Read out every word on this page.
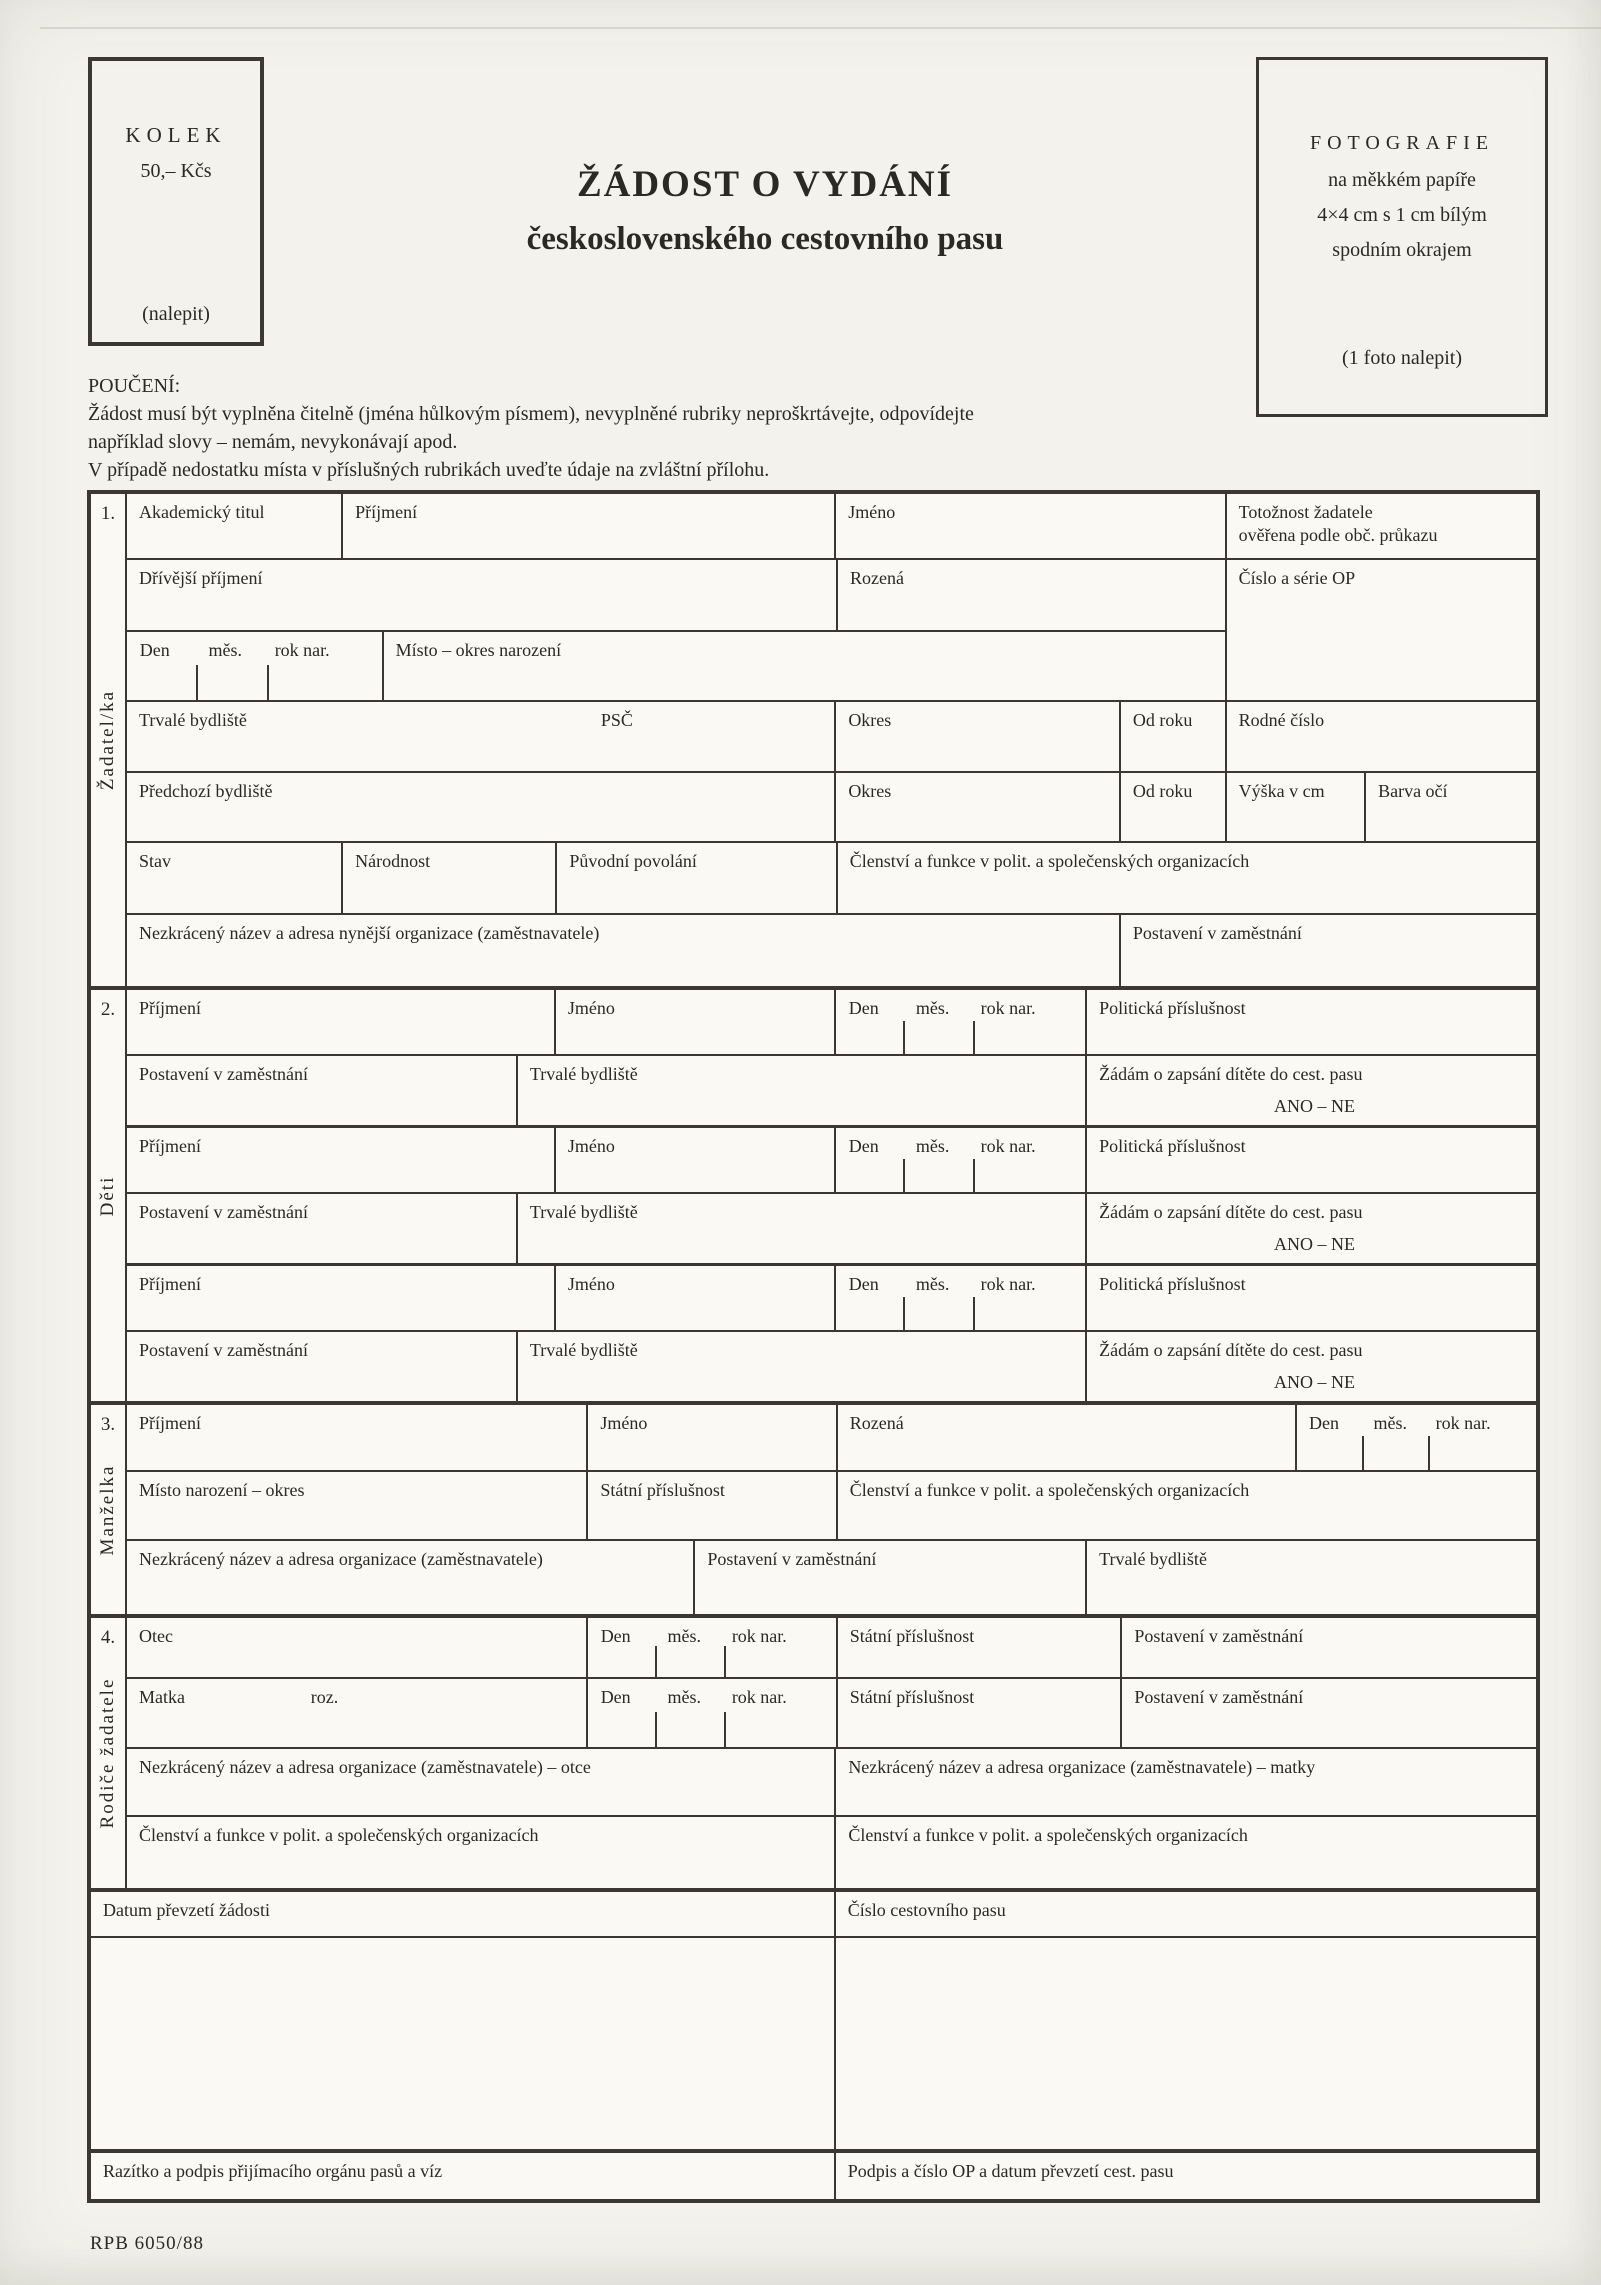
KOLEK
50,– Kčs
(nalepit)
ŽÁDOST O VYDÁNÍ
československého cestovního pasu
FOTOGRAFIE
na měkkém papíře
4×4 cm s 1 cm bílým
spodním okrajem
(1 foto nalepit)
POUČENÍ:
Žádost musí být vyplněna čitelně (jména hůlkovým písmem), nevyplněné rubriky neproškrtávejte, odpovídejte
například slovy – nemám, nevykonávají apod.
V případě nedostatku místa v příslušných rubrikách uveďte údaje na zvláštní přílohu.
1.
Žadatel/ka
Akademický titul	Příjmení	Jméno	Totožnost žadatele
ověřena podle obč. průkazu
Dřívější příjmení	Rozená
Den měs. rok nar.	Místo – okres narození
Číslo a série OP
Trvalé bydliště	PSČ	Okres	Od roku	Rodné číslo
Předchozí bydliště	Okres	Od roku	Výška v cm	Barva očí
Stav	Národnost	Původní povolání	Členství a funkce v polit. a společenských organizacích
Nezkrácený název a adresa nynější organizace (zaměstnavatele)	Postavení v zaměstnání
2.
Děti
Příjmení	Jméno	Den měs. rok nar.	Politická příslušnost
Postavení v zaměstnání	Trvalé bydliště	Žádám o zapsání dítěte do cest. pasu
ANO – NE
Příjmení	Jméno	Den měs. rok nar.	Politická příslušnost
Postavení v zaměstnání	Trvalé bydliště	Žádám o zapsání dítěte do cest. pasu
ANO – NE
Příjmení	Jméno	Den měs. rok nar.	Politická příslušnost
Postavení v zaměstnání	Trvalé bydliště	Žádám o zapsání dítěte do cest. pasu
ANO – NE
3.
Manželka
Příjmení	Jméno	Rozená	Den měs. rok nar.
Místo narození – okres	Státní příslušnost	Členství a funkce v polit. a společenských organizacích
Nezkrácený název a adresa organizace (zaměstnavatele)	Postavení v zaměstnání	Trvalé bydliště
4.
Rodiče žadatele
Otec	Den měs. rok nar.	Státní příslušnost	Postavení v zaměstnání
Matka	roz.	Den měs. rok nar.	Státní příslušnost	Postavení v zaměstnání
Nezkrácený název a adresa organizace (zaměstnavatele) – otce	Nezkrácený název a adresa organizace (zaměstnavatele) – matky
Členství a funkce v polit. a společenských organizacích	Členství a funkce v polit. a společenských organizacích
Datum převzetí žádosti	Číslo cestovního pasu
Razítko a podpis přijímacího orgánu pasů a víz	Podpis a číslo OP a datum převzetí cest. pasu
RPB 6050/88
